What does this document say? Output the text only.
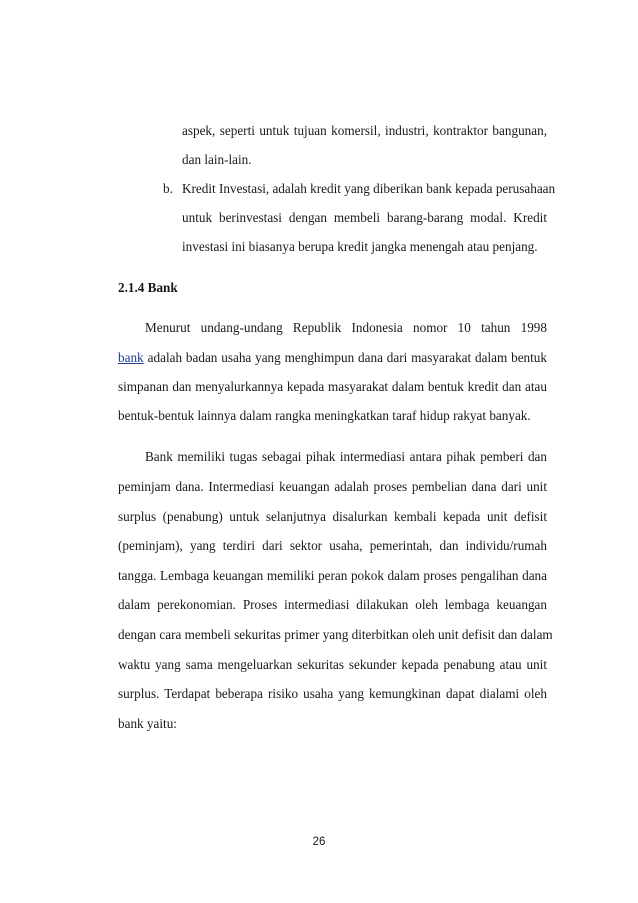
aspek, seperti untuk tujuan komersil, industri, kontraktor bangunan,
dan lain-lain.
b. Kredit Investasi, adalah kredit yang diberikan bank kepada perusahaan
untuk berinvestasi dengan membeli barang-barang modal. Kredit
investasi ini biasanya berupa kredit jangka menengah atau penjang.
2.1.4 Bank
Menurut undang-undang Republik Indonesia nomor 10 tahun 1998
bank adalah badan usaha yang menghimpun dana dari masyarakat dalam bentuk
simpanan dan menyalurkannya kepada masyarakat dalam bentuk kredit dan atau
bentuk-bentuk lainnya dalam rangka meningkatkan taraf hidup rakyat banyak.
Bank memiliki tugas sebagai pihak intermediasi antara pihak pemberi dan
peminjam dana. Intermediasi keuangan adalah proses pembelian dana dari unit
surplus (penabung) untuk selanjutnya disalurkan kembali kepada unit defisit
(peminjam), yang terdiri dari sektor usaha, pemerintah, dan individu/rumah
tangga. Lembaga keuangan memiliki peran pokok dalam proses pengalihan dana
dalam perekonomian. Proses intermediasi dilakukan oleh lembaga keuangan
dengan cara membeli sekuritas primer yang diterbitkan oleh unit defisit dan dalam
waktu yang sama mengeluarkan sekuritas sekunder kepada penabung atau unit
surplus. Terdapat beberapa risiko usaha yang kemungkinan dapat dialami oleh
bank yaitu:
26
